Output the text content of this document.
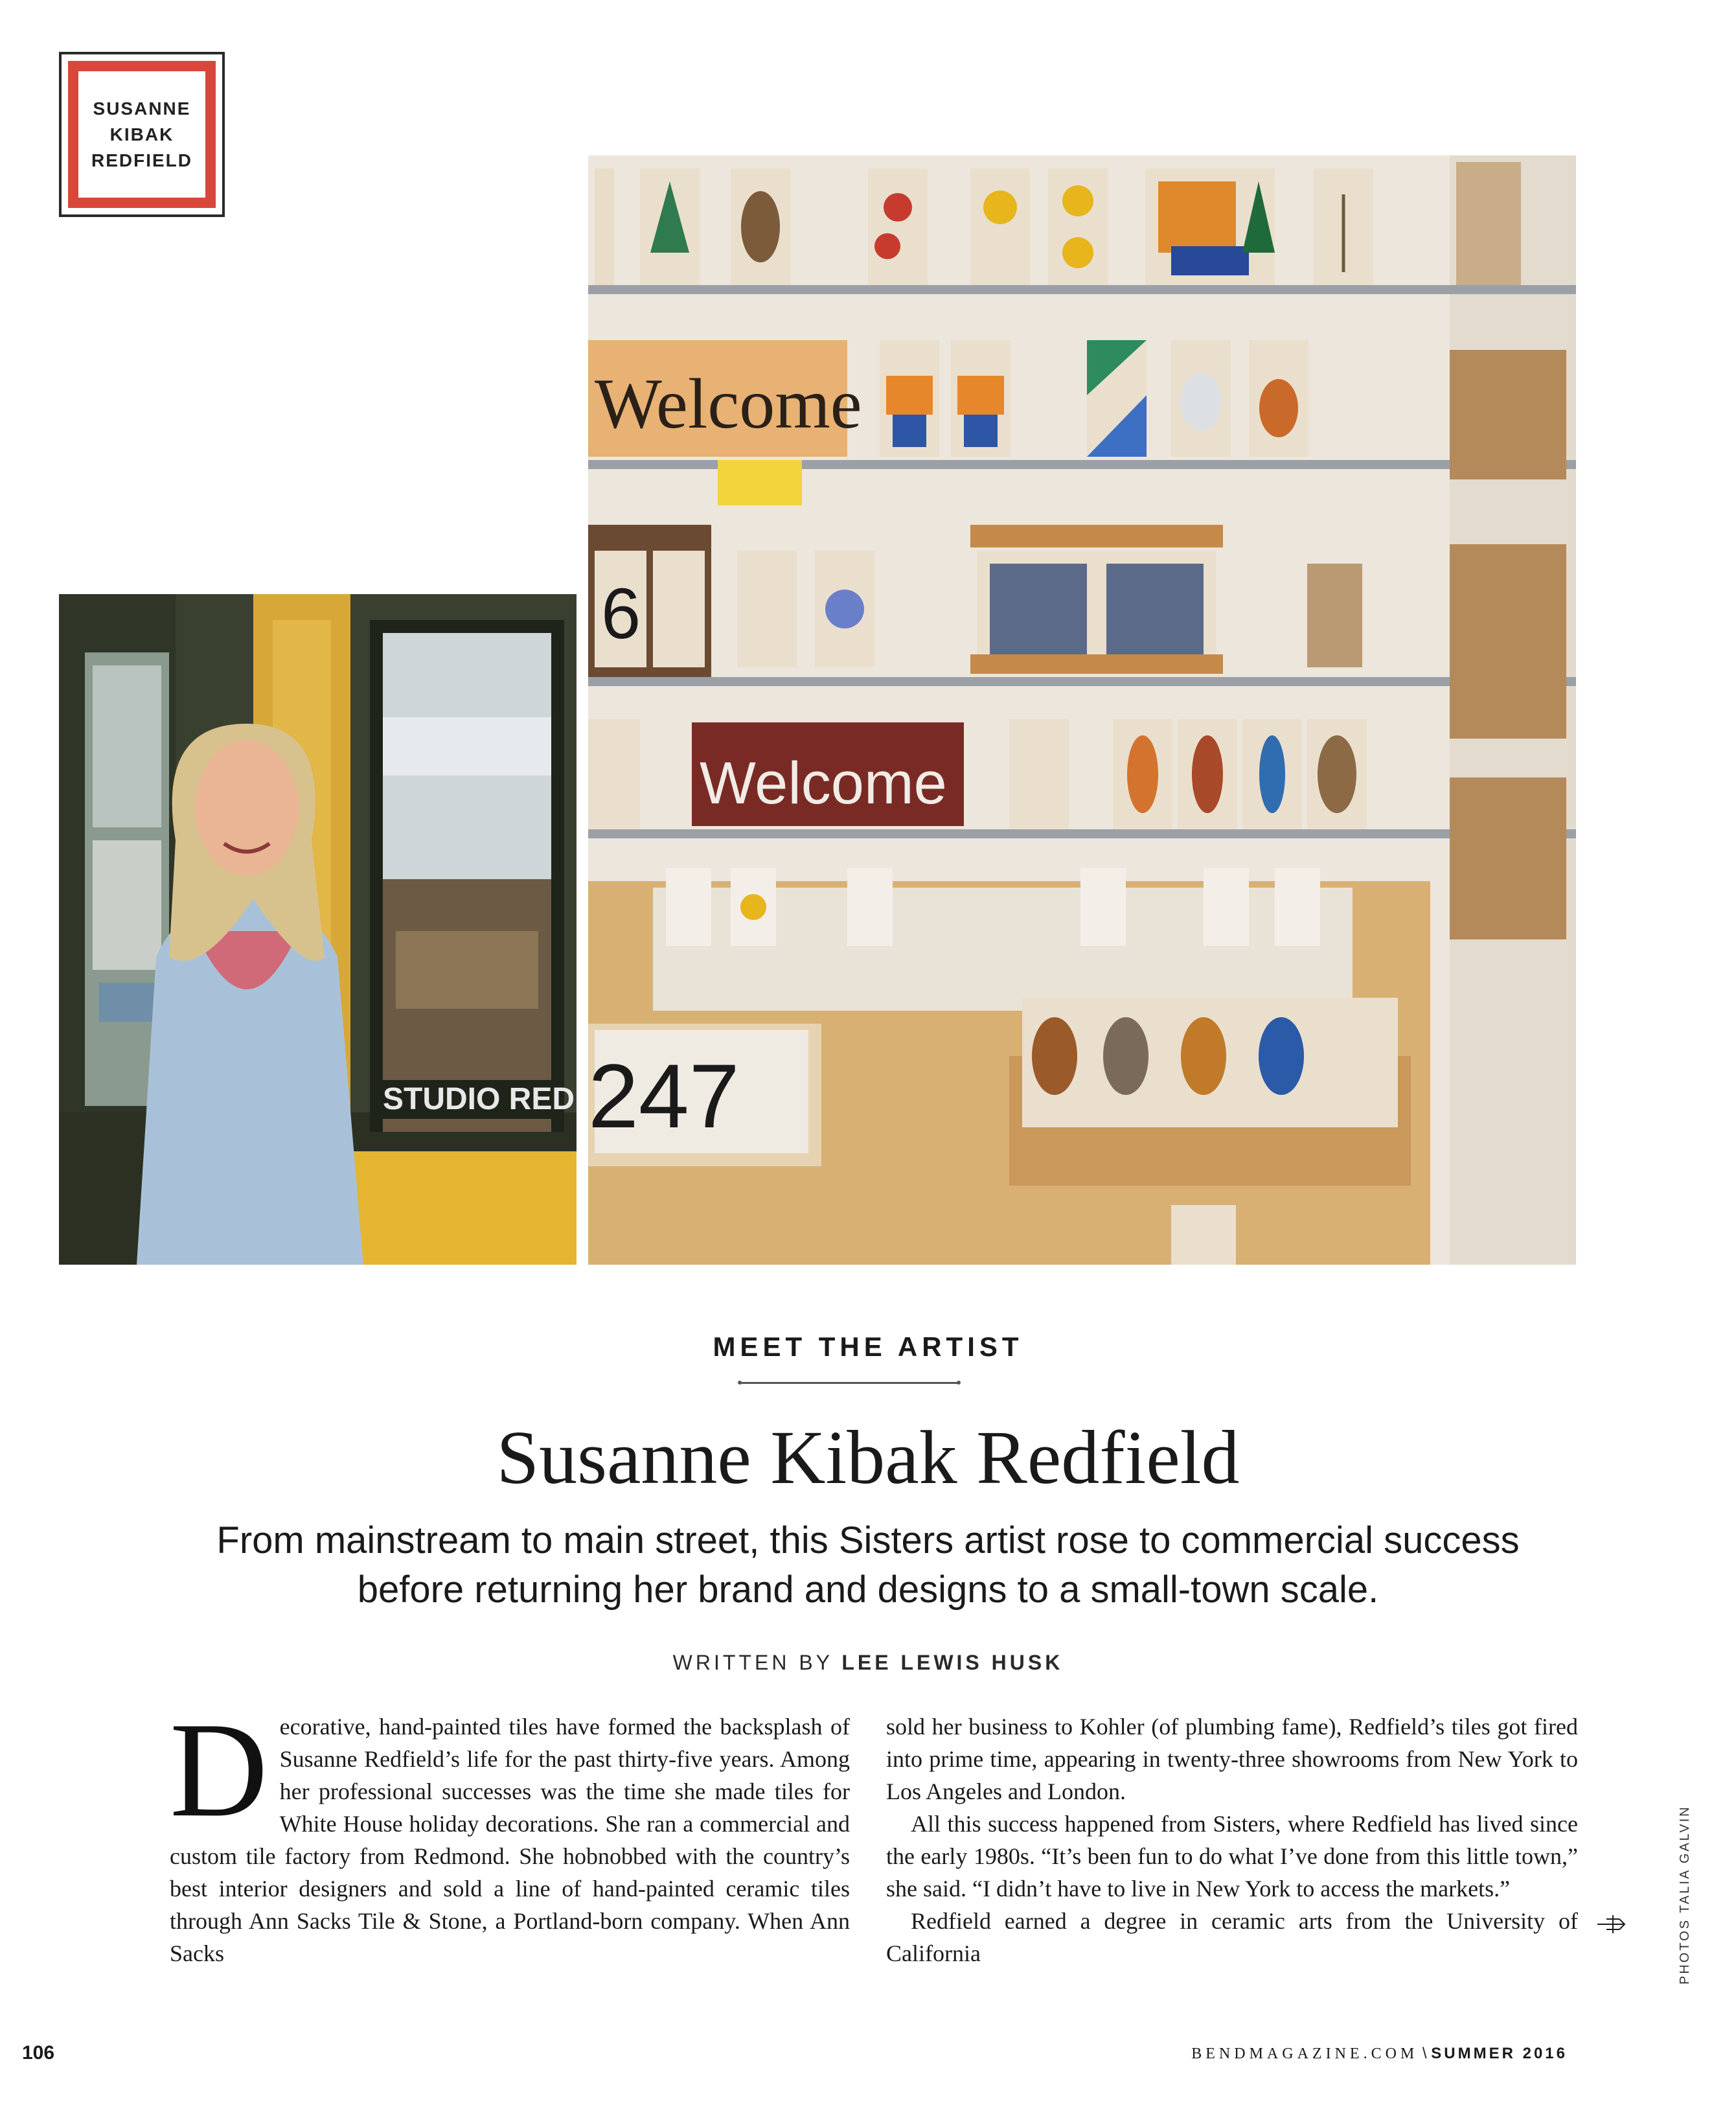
SUSANNE
KIBAK
REDFIELD
STUDIO RED
Welcome
6
Welcome
247
MEET THE ARTIST
Susanne Kibak Redfield
From mainstream to main street, this Sisters artist rose to commercial success
before returning her brand and designs to a small-town scale.
WRITTEN BY LEE LEWIS HUSK

Decorative, hand-painted tiles have formed the backsplash of Susanne Redfield’s life for the past thirty-five years. Among her professional successes was the time she made tiles for White House holiday decorations. She ran a commercial and custom tile factory from Redmond. She hobnobbed with the country’s best interior designers and sold a line of hand-painted ceramic tiles through Ann Sacks Tile & Stone, a Portland-born company. When Ann Sacks

sold her business to Kohler (of plumbing fame), Redfield’s tiles got fired into prime time, appearing in twenty-three showrooms from New York to Los Angeles and London.

All this success happened from Sisters, where Redfield has lived since the early 1980s. “It’s been fun to do what I’ve done from this little town,” she said. “I didn’t have to live in New York to access the markets.”

Redfield earned a degree in ceramic arts from the University of California	PHOTOS TALIA GALVIN
106	BENDMAGAZINE.COM \ SUMMER 2016
